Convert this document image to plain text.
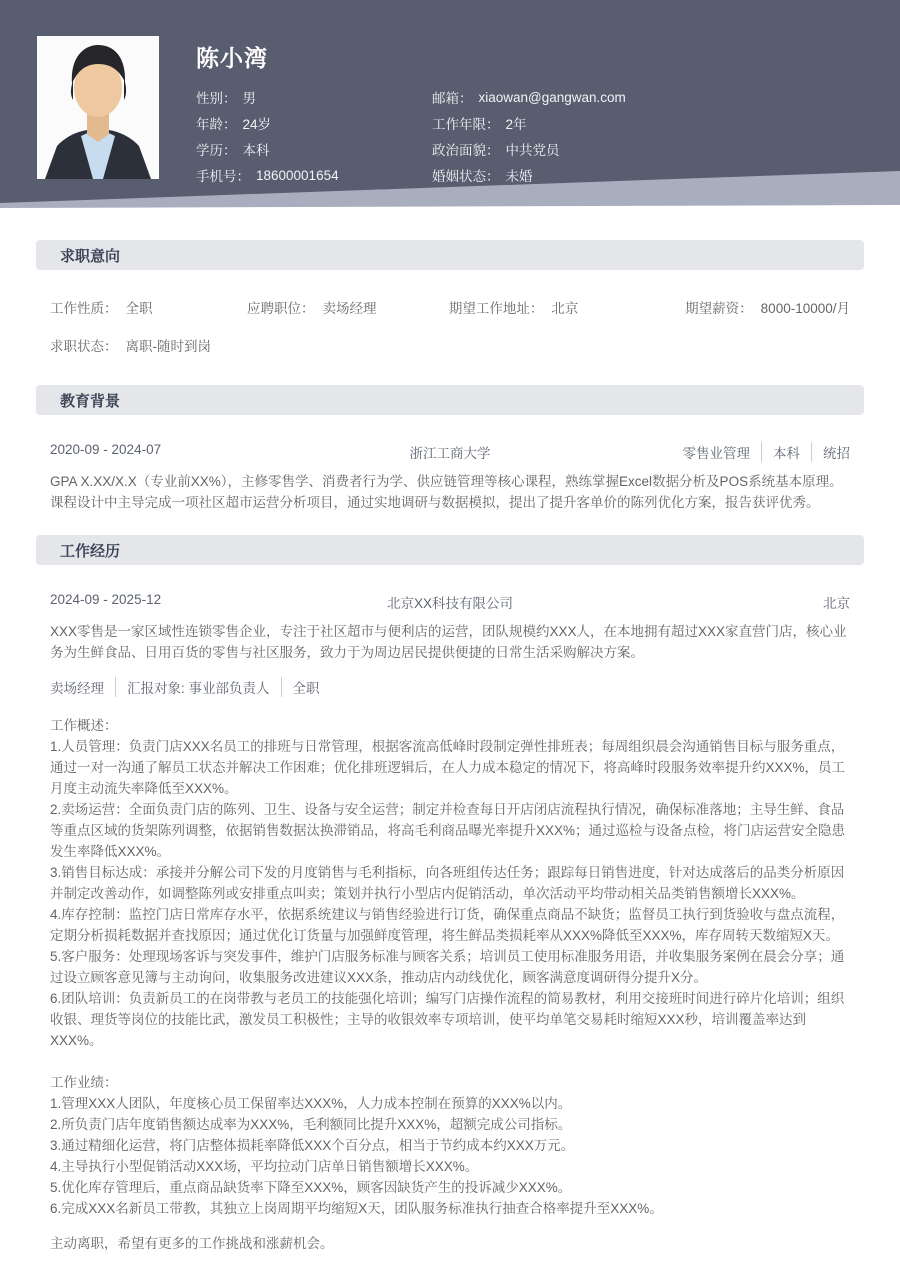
陈小湾
性别： 男
年龄： 24岁
学历： 本科
手机号： 18600001654
邮箱： xiaowan@gangwan.com
工作年限： 2年
政治面貌： 中共党员
婚姻状态： 未婚
求职意向
工作性质： 全职	应聘职位： 卖场经理	期望工作地址： 北京	期望薪资： 8000-10000/月
求职状态： 离职-随时到岗
教育背景
2020-09 - 2024-07	浙江工商大学	零售业管理	本科	统招

GPA X.XX/X.X（专业前XX%），主修零售学、消费者行为学、供应链管理等核心课程，熟练掌握Excel数据分析及POS系统基本原理。课程设计中主导完成一项社区超市运营分析项目，通过实地调研与数据模拟，提出了提升客单价的陈列优化方案，报告获评优秀。

工作经历
2024-09 - 2025-12	北京XX科技有限公司	北京

XXX零售是一家区域性连锁零售企业，专注于社区超市与便利店的运营，团队规模约XXX人，在本地拥有超过XXX家直营门店，核心业务为生鲜食品、日用百货的零售与社区服务，致力于为周边居民提供便捷的日常生活采购解决方案。

卖场经理	汇报对象: 事业部负责人	全职

工作概述：

1.人员管理：负责门店XXX名员工的排班与日常管理，根据客流高低峰时段制定弹性排班表；每周组织晨会沟通销售目标与服务重点，通过一对一沟通了解员工状态并解决工作困难；优化排班逻辑后，在人力成本稳定的情况下，将高峰时段服务效率提升约XXX%，员工月度主动流失率降低至XXX%。

2.卖场运营：全面负责门店的陈列、卫生、设备与安全运营；制定并检查每日开店闭店流程执行情况，确保标准落地；主导生鲜、食品等重点区域的货架陈列调整，依据销售数据汰换滞销品，将高毛利商品曝光率提升XXX%；通过巡检与设备点检，将门店运营安全隐患发生率降低XXX%。

3.销售目标达成：承接并分解公司下发的月度销售与毛利指标，向各班组传达任务；跟踪每日销售进度，针对达成落后的品类分析原因并制定改善动作，如调整陈列或安排重点叫卖；策划并执行小型店内促销活动，单次活动平均带动相关品类销售额增长XXX%。

4.库存控制：监控门店日常库存水平，依据系统建议与销售经验进行订货，确保重点商品不缺货；监督员工执行到货验收与盘点流程，定期分析损耗数据并查找原因；通过优化订货量与加强鲜度管理，将生鲜品类损耗率从XXX%降低至XXX%，库存周转天数缩短X天。

5.客户服务：处理现场客诉与突发事件，维护门店服务标准与顾客关系；培训员工使用标准服务用语，并收集服务案例在晨会分享；通过设立顾客意见簿与主动询问，收集服务改进建议XXX条，推动店内动线优化，顾客满意度调研得分提升X分。

6.团队培训：负责新员工的在岗带教与老员工的技能强化培训；编写门店操作流程的简易教材，利用交接班时间进行碎片化培训；组织收银、理货等岗位的技能比武，激发员工积极性；主导的收银效率专项培训，使平均单笔交易耗时缩短XXX秒，培训覆盖率达到XXX%。

工作业绩：

1.管理XXX人团队，年度核心员工保留率达XXX%，人力成本控制在预算的XXX%以内。

2.所负责门店年度销售额达成率为XXX%，毛利额同比提升XXX%，超额完成公司指标。

3.通过精细化运营，将门店整体损耗率降低XXX个百分点，相当于节约成本约XXX万元。

4.主导执行小型促销活动XXX场，平均拉动门店单日销售额增长XXX%。

5.优化库存管理后，重点商品缺货率下降至XXX%，顾客因缺货产生的投诉减少XXX%。

6.完成XXX名新员工带教，其独立上岗周期平均缩短X天，团队服务标准执行抽查合格率提升至XXX%。

主动离职，希望有更多的工作挑战和涨薪机会。
